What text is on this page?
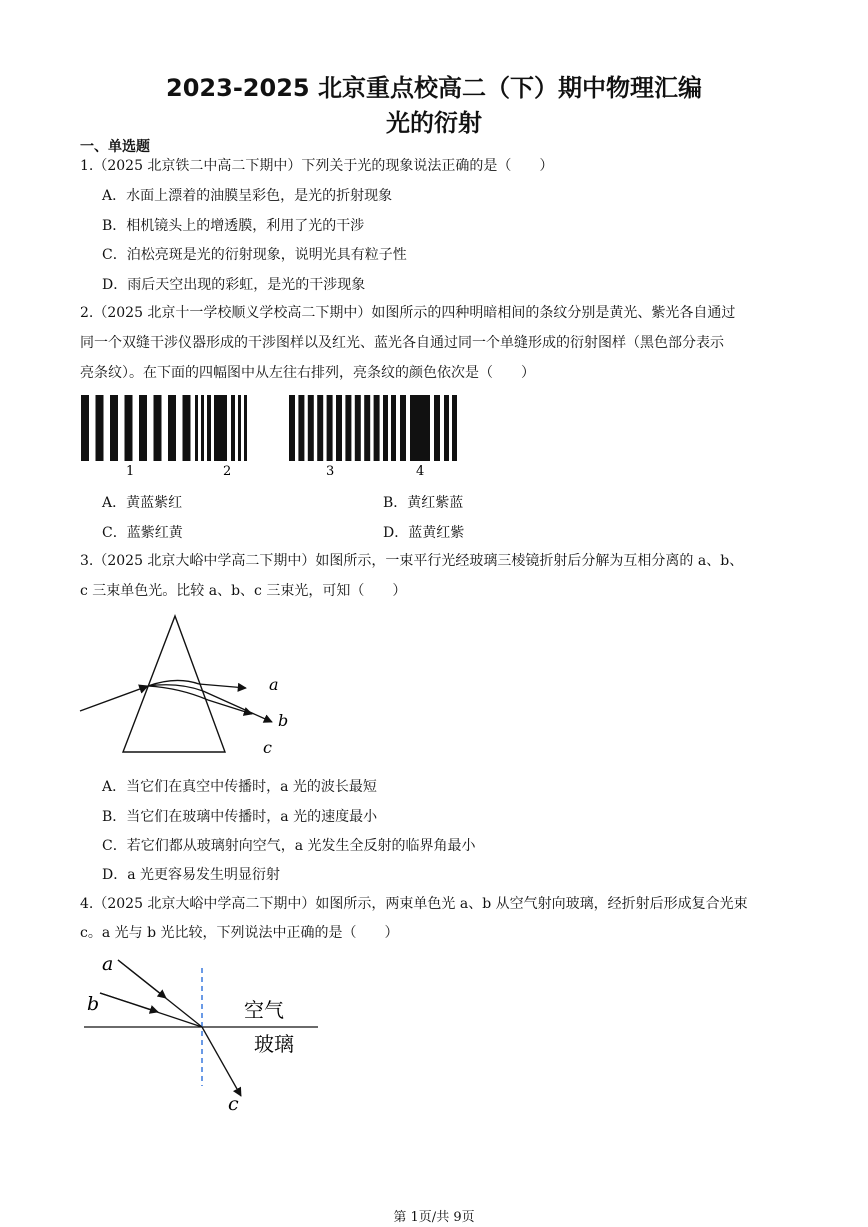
2023-2025 北京重点校高二（下）期中物理汇编
光的衍射
一、单选题
1.（2025 北京铁二中高二下期中）下列关于光的现象说法正确的是（　　）
A．水面上漂着的油膜呈彩色，是光的折射现象
B．相机镜头上的增透膜，利用了光的干涉
C．泊松亮斑是光的衍射现象，说明光具有粒子性
D．雨后天空出现的彩虹，是光的干涉现象
2.（2025 北京十一学校顺义学校高二下期中）如图所示的四种明暗相间的条纹分别是黄光、紫光各自通过
同一个双缝干涉仪器形成的干涉图样以及红光、蓝光各自通过同一个单缝形成的衍射图样（黑色部分表示
亮条纹）。在下面的四幅图中从左往右排列，亮条纹的颜色依次是（　　）
1	2	3	4
A．黄蓝紫红	B．黄红紫蓝
C．蓝紫红黄	D．蓝黄红紫
3.（2025 北京大峪中学高二下期中）如图所示，一束平行光经玻璃三棱镜折射后分解为互相分离的 a、b、
c 三束单色光。比较 a、b、c 三束光，可知（　　）
a
b
c
A．当它们在真空中传播时，a 光的波长最短
B．当它们在玻璃中传播时，a 光的速度最小
C．若它们都从玻璃射向空气，a 光发生全反射的临界角最小
D．a 光更容易发生明显衍射
4.（2025 北京大峪中学高二下期中）如图所示，两束单色光 a、b 从空气射向玻璃，经折射后形成复合光束
c。a 光与 b 光比较，下列说法中正确的是（　　）
a
b
c
空气
玻璃
第 1页/共 9页
